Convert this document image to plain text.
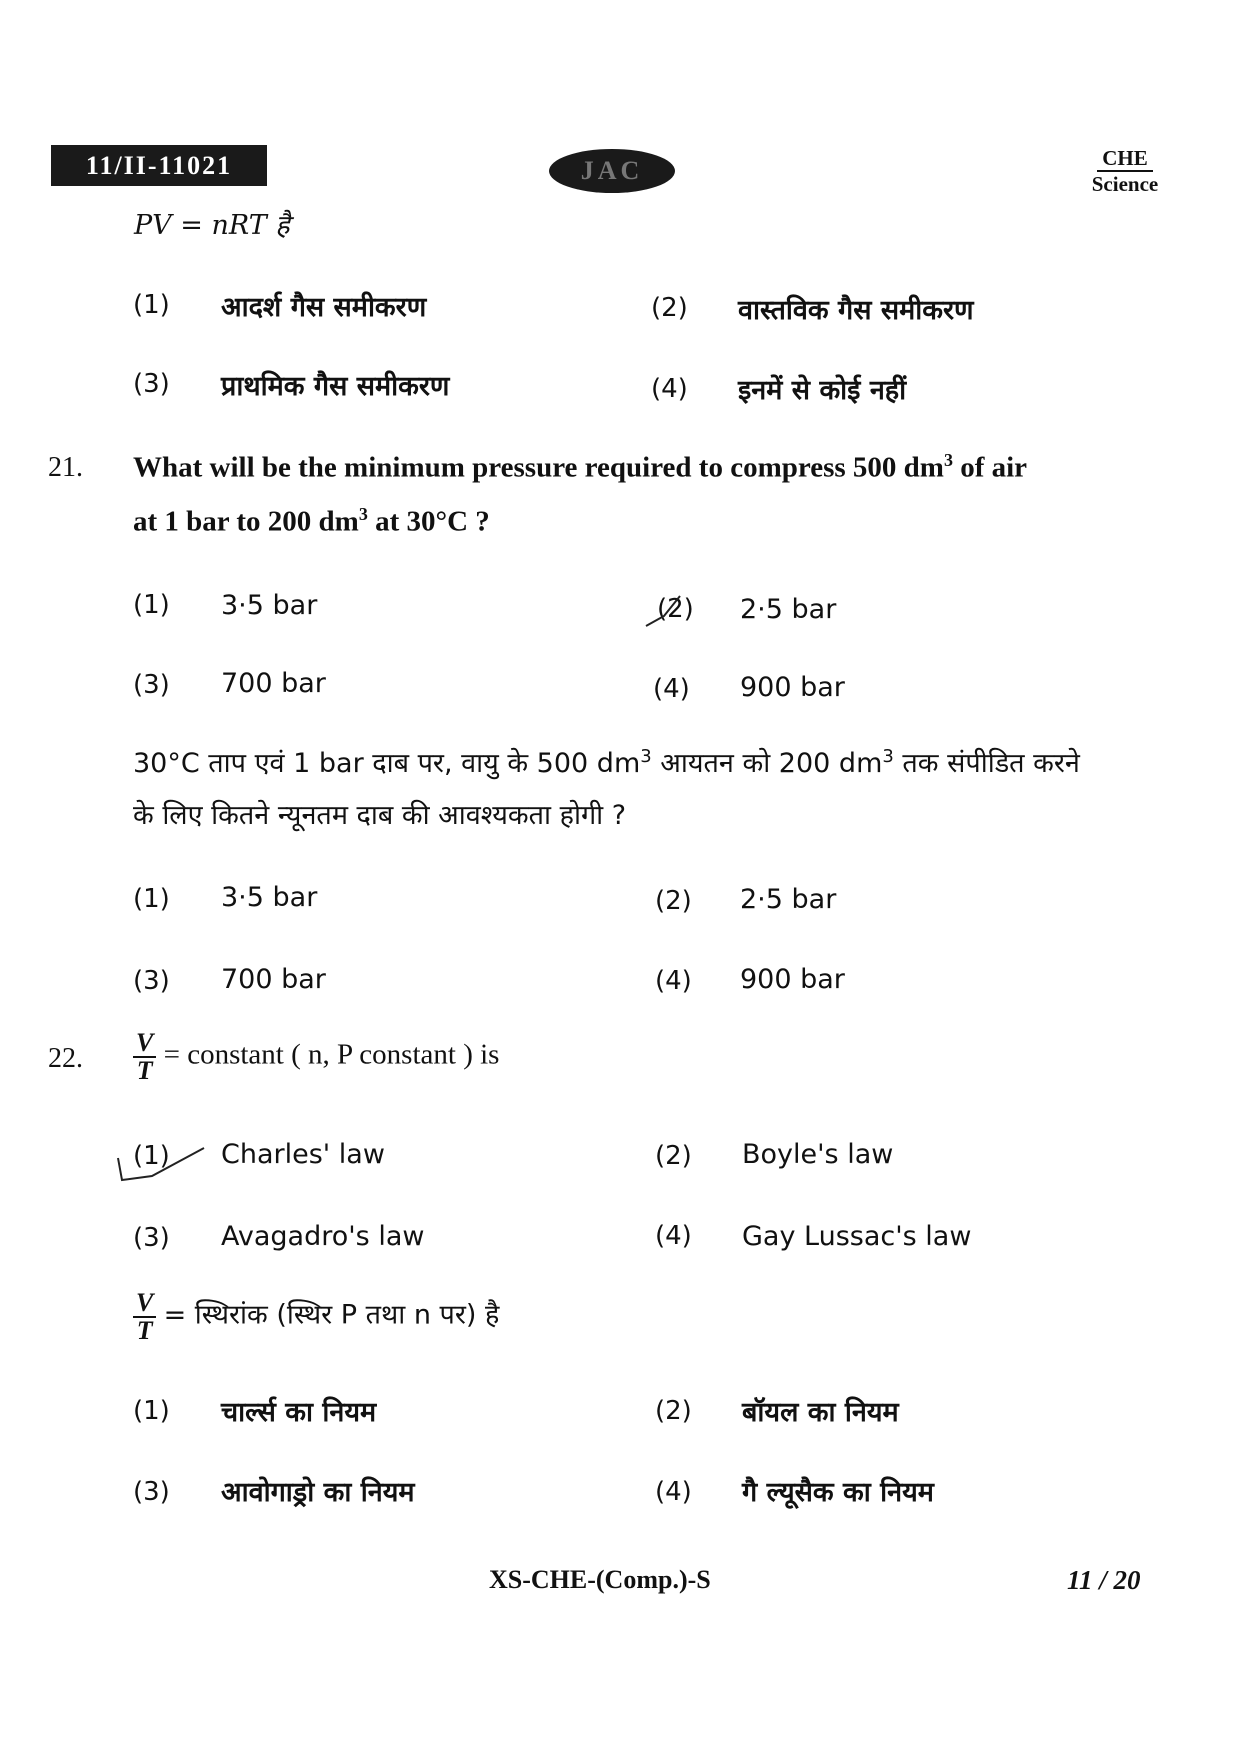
11/II-11021	JAC	CHE
Science
PV = nRT है
(1) आदर्श गैस समीकरण	(2) वास्तविक गैस समीकरण
(3) प्राथमिक गैस समीकरण	(4) इनमें से कोई नहीं
21. What will be the minimum pressure required to compress 500 $dm^3$ of air
at 1 bar to 200 $dm^3$ at 30°C ?
(1) 3·5 bar	(2) 2·5 bar
(3) 700 bar	(4) 900 bar
30°C ताप एवं 1 bar दाब पर, वायु के 500 $dm^3$ आयतन को 200 $dm^3$ तक संपीडित करने
के लिए कितने न्यूनतम दाब की आवश्यकता होगी ?
(1) 3·5 bar	(2) 2·5 bar
(3) 700 bar	(4) 900 bar
22. $\frac{V}{T}$ = constant ( n, P constant ) is
(1) Charles' law	(2) Boyle's law
(3) Avagadro's law	(4) Gay Lussac's law
$\frac{V}{T}$ = स्थिरांक (स्थिर P तथा n पर) है
(1) चार्ल्स का नियम	(2) बॉयल का नियम
(3) आवोगाड्रो का नियम	(4) गै ल्यूसैक का नियम
XS-CHE-(Comp.)-S	11 / 20
